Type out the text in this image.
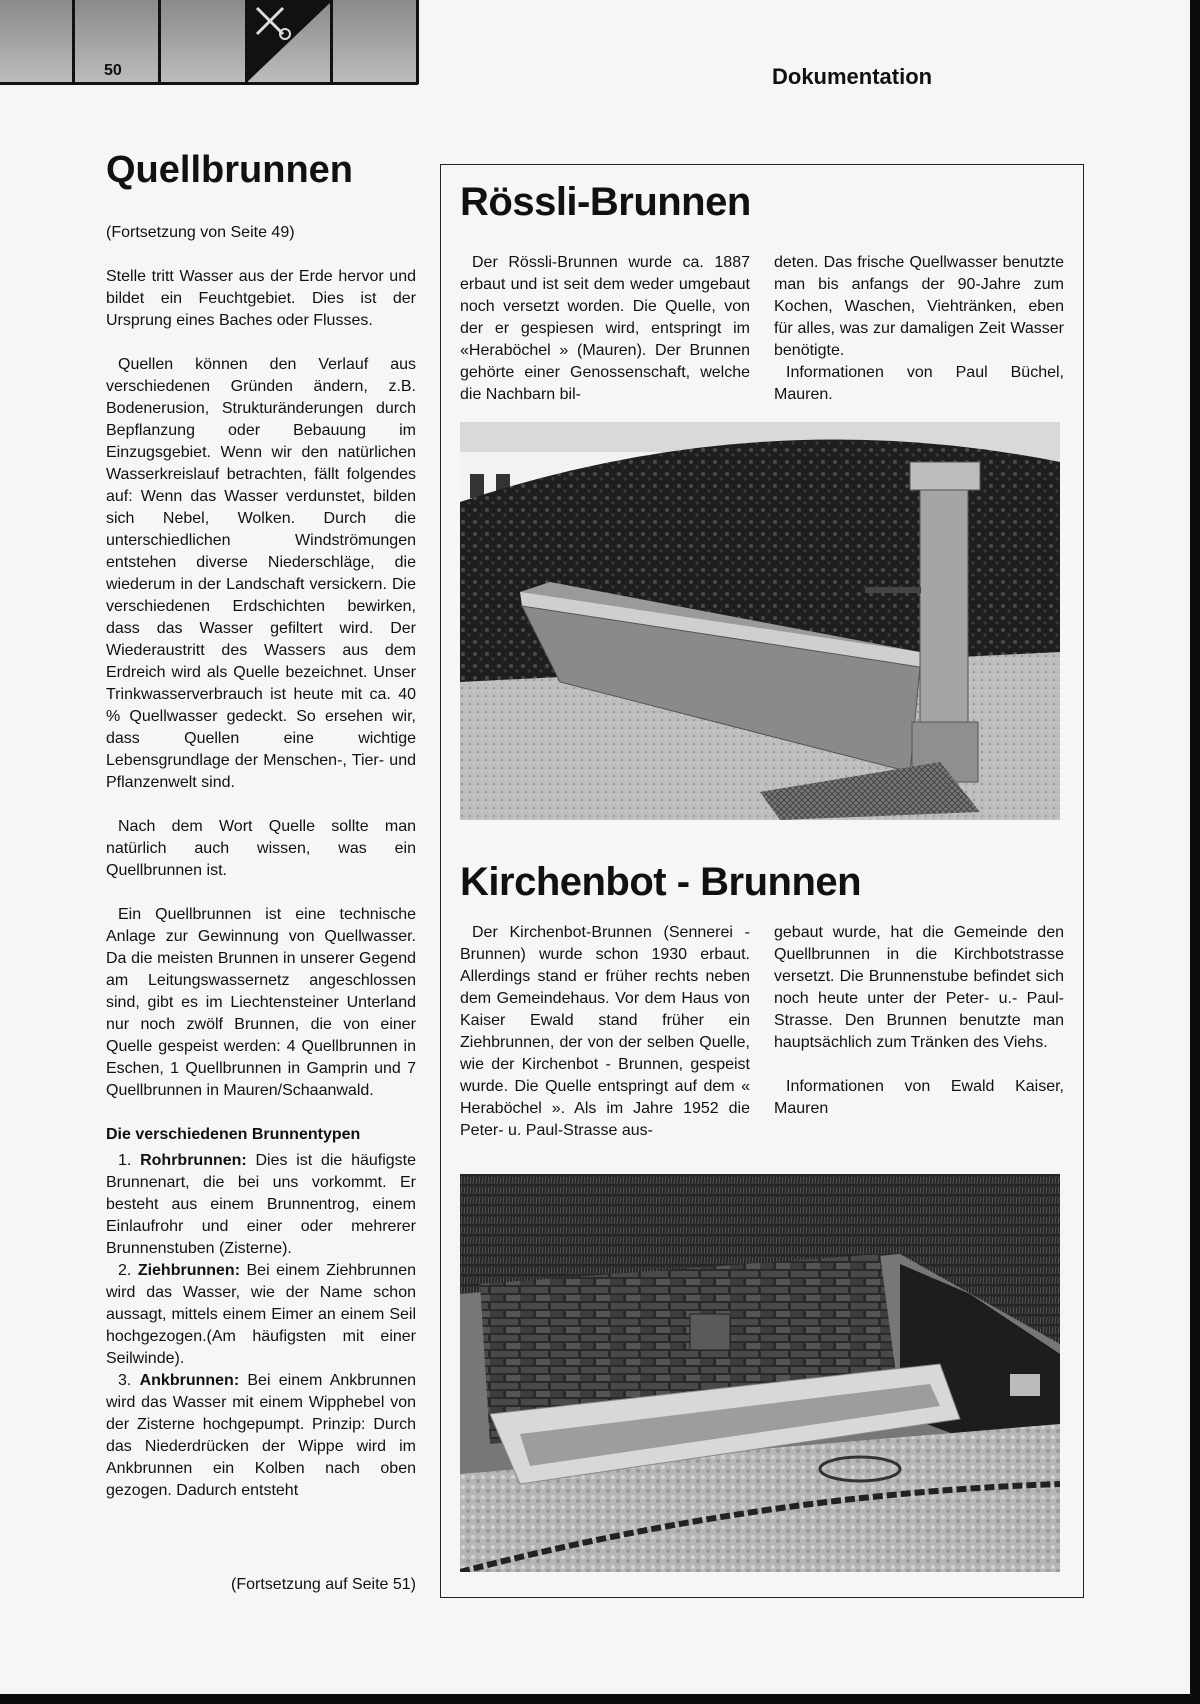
50	Dokumentation
Quellbrunnen

(Fortsetzung von Seite 49)

Stelle tritt Wasser aus der Erde hervor und bildet ein Feuchtgebiet. Dies ist der Ursprung eines Baches oder Flusses.

Quellen können den Verlauf aus verschiedenen Gründen ändern, z.B. Bodenerusion, Strukturänderungen durch Bepflanzung oder Bebauung im Einzugsgebiet. Wenn wir den natürlichen Wasserkreislauf betrachten, fällt folgendes auf: Wenn das Wasser verdunstet, bilden sich Nebel, Wolken. Durch die unterschiedlichen Windströmungen entstehen diverse Niederschläge, die wiederum in der Landschaft versickern. Die verschiedenen Erdschichten bewirken, dass das Wasser gefiltert wird. Der Wiederaustritt des Wassers aus dem Erdreich wird als Quelle bezeichnet. Unser Trinkwasserverbrauch ist heute mit ca. 40 % Quellwasser gedeckt. So ersehen wir, dass Quellen eine wichtige Lebensgrundlage der Menschen-, Tier- und Pflanzenwelt sind.

Nach dem Wort Quelle sollte man natürlich auch wissen, was ein Quellbrunnen ist.

Ein Quellbrunnen ist eine technische Anlage zur Gewinnung von Quellwasser. Da die meisten Brunnen in unserer Gegend am Leitungswassernetz angeschlossen sind, gibt es im Liechtensteiner Unterland nur noch zwölf Brunnen, die von einer Quelle gespeist werden: 4 Quellbrunnen in Eschen, 1 Quellbrunnen in Gamprin und 7 Quellbrunnen in Mauren/Schaanwald.

Die verschiedenen Brunnentypen

1. Rohrbrunnen: Dies ist die häufigste Brunnenart, die bei uns vorkommt. Er besteht aus einem Brunnentrog, einem Einlaufrohr und einer oder mehrerer Brunnenstuben (Zisterne).

2. Ziehbrunnen: Bei einem Ziehbrunnen wird das Wasser, wie der Name schon aussagt, mittels einem Eimer an einem Seil hochgezogen.(Am häufigsten mit einer Seilwinde).

3. Ankbrunnen: Bei einem Ankbrunnen wird das Wasser mit einem Wipphebel von der Zisterne hochgepumpt. Prinzip: Durch das Niederdrücken der Wippe wird im Ankbrunnen ein Kolben nach oben gezogen. Dadurch entsteht

(Fortsetzung auf Seite 51)
Rössli-Brunnen

Der Rössli-Brunnen wurde ca. 1887 erbaut und ist seit dem weder umgebaut noch versetzt worden. Die Quelle, von der er gespiesen wird, entspringt im «Heraböchel » (Mauren). Der Brunnen gehörte einer Genossenschaft, welche die Nachbarn bil-

deten. Das frische Quellwasser benutzte man bis anfangs der 90-Jahre zum Kochen, Waschen, Viehtränken, eben für alles, was zur damaligen Zeit Wasser benötigte.

Informationen von Paul Büchel, Mauren.

Kirchenbot - Brunnen

Der Kirchenbot-Brunnen (Sennerei - Brunnen) wurde schon 1930 erbaut. Allerdings stand er früher rechts neben dem Gemeindehaus. Vor dem Haus von Kaiser Ewald stand früher ein Ziehbrunnen, der von der selben Quelle, wie der Kirchenbot - Brunnen, gespeist wurde. Die Quelle entspringt auf dem « Heraböchel ». Als im Jahre 1952 die Peter- u. Paul-Strasse aus-

gebaut wurde, hat die Gemeinde den Quellbrunnen in die Kirchbotstrasse versetzt. Die Brunnenstube befindet sich noch heute unter der Peter- u.- Paul-Strasse. Den Brunnen benutzte man hauptsächlich zum Tränken des Viehs.

Informationen von Ewald Kaiser, Mauren
